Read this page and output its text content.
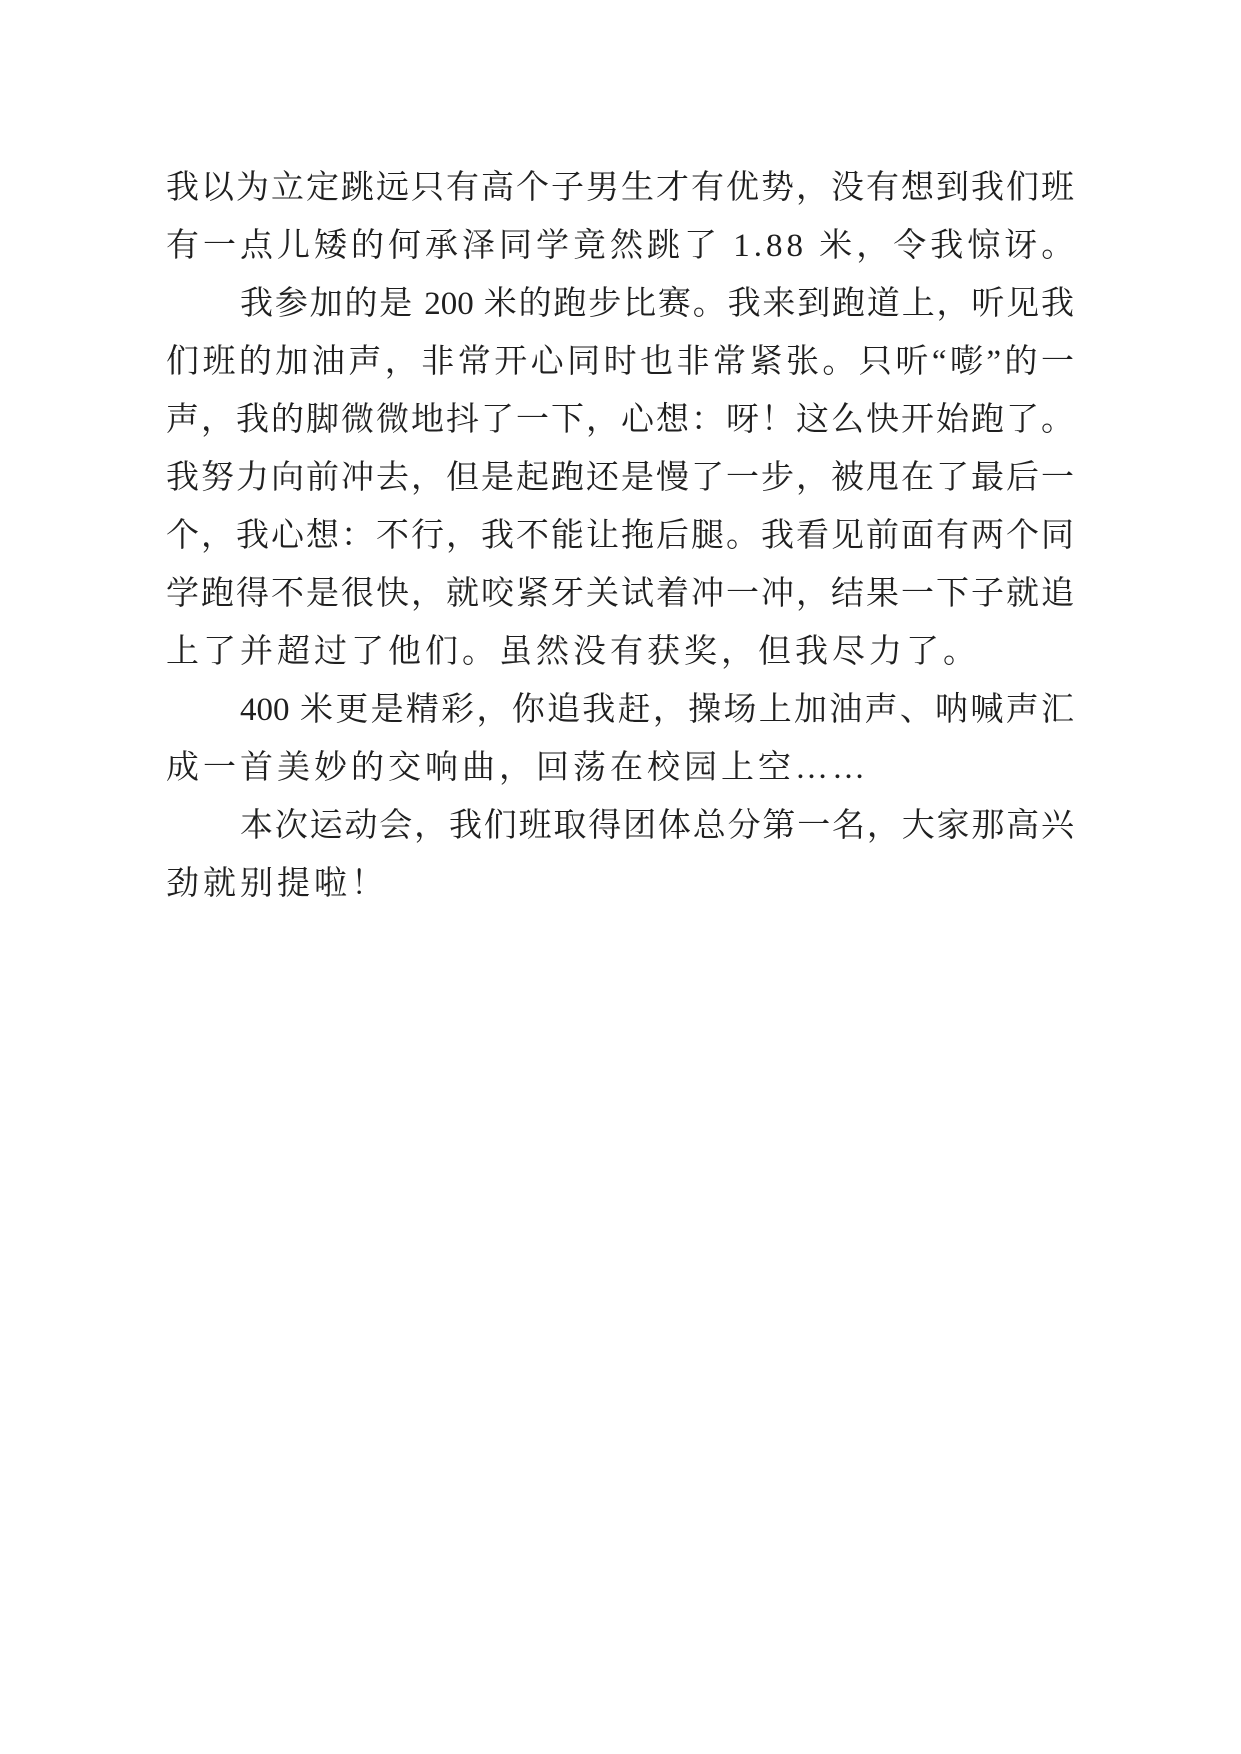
我以为立定跳远只有高个子男生才有优势，没有想到我们班
有一点儿矮的何承泽同学竟然跳了 1.88 米，令我惊讶。
我参加的是 200 米的跑步比赛。我来到跑道上，听见我
们班的加油声，非常开心同时也非常紧张。只听“嘭”的一
声，我的脚微微地抖了一下，心想：呀！这么快开始跑了。
我努力向前冲去，但是起跑还是慢了一步，被甩在了最后一
个，我心想：不行，我不能让拖后腿。我看见前面有两个同
学跑得不是很快，就咬紧牙关试着冲一冲，结果一下子就追
上了并超过了他们。虽然没有获奖，但我尽力了。
400 米更是精彩，你追我赶，操场上加油声、呐喊声汇
成一首美妙的交响曲，回荡在校园上空……
本次运动会，我们班取得团体总分第一名，大家那高兴
劲就别提啦！
